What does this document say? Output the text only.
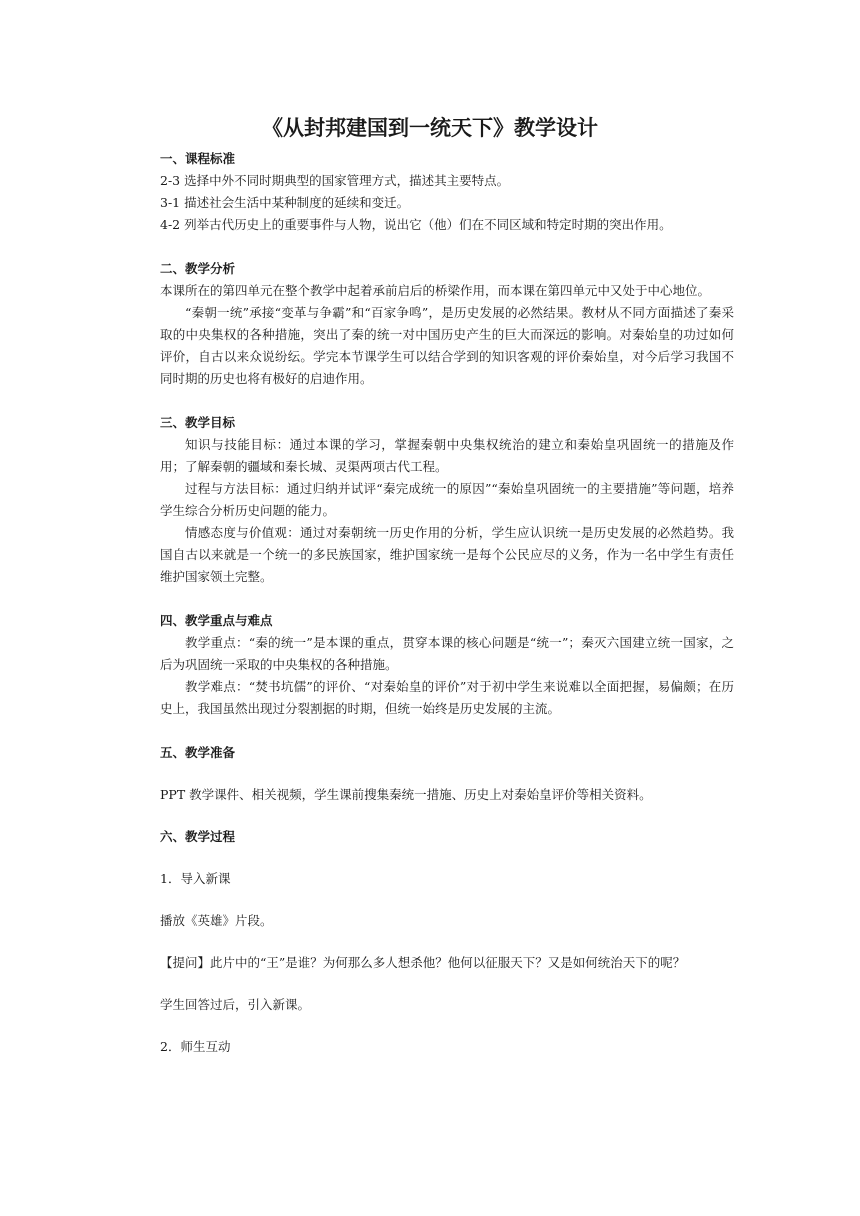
《从封邦建国到一统天下》教学设计
一、课程标准
2-3 选择中外不同时期典型的国家管理方式，描述其主要特点。
3-1 描述社会生活中某种制度的延续和变迁。
4-2 列举古代历史上的重要事件与人物，说出它（他）们在不同区域和特定时期的突出作用。
二、教学分析
本课所在的第四单元在整个教学中起着承前启后的桥梁作用，而本课在第四单元中又处于中心地位。
“秦朝一统”承接“变革与争霸”和“百家争鸣”，是历史发展的必然结果。教材从不同方面描述了秦采取的中央集权的各种措施，突出了秦的统一对中国历史产生的巨大而深远的影响。对秦始皇的功过如何评价，自古以来众说纷纭。学完本节课学生可以结合学到的知识客观的评价秦始皇，对今后学习我国不同时期的历史也将有极好的启迪作用。
三、教学目标
知识与技能目标：通过本课的学习，掌握秦朝中央集权统治的建立和秦始皇巩固统一的措施及作用；了解秦朝的疆域和秦长城、灵渠两项古代工程。
过程与方法目标：通过归纳并试评“秦完成统一的原因”“秦始皇巩固统一的主要措施”等问题，培养学生综合分析历史问题的能力。
情感态度与价值观：通过对秦朝统一历史作用的分析，学生应认识统一是历史发展的必然趋势。我国自古以来就是一个统一的多民族国家，维护国家统一是每个公民应尽的义务，作为一名中学生有责任维护国家领土完整。
四、教学重点与难点
教学重点：“秦的统一”是本课的重点，贯穿本课的核心问题是“统一”；秦灭六国建立统一国家，之后为巩固统一采取的中央集权的各种措施。
教学难点：“焚书坑儒”的评价、“对秦始皇的评价”对于初中学生来说难以全面把握，易偏颇；在历史上，我国虽然出现过分裂割据的时期，但统一始终是历史发展的主流。
五、教学准备
PPT 教学课件、相关视频，学生课前搜集秦统一措施、历史上对秦始皇评价等相关资料。
六、教学过程
1．导入新课
播放《英雄》片段。
【提问】此片中的“王”是谁？为何那么多人想杀他？他何以征服天下？又是如何统治天下的呢？
学生回答过后，引入新课。
2．师生互动
